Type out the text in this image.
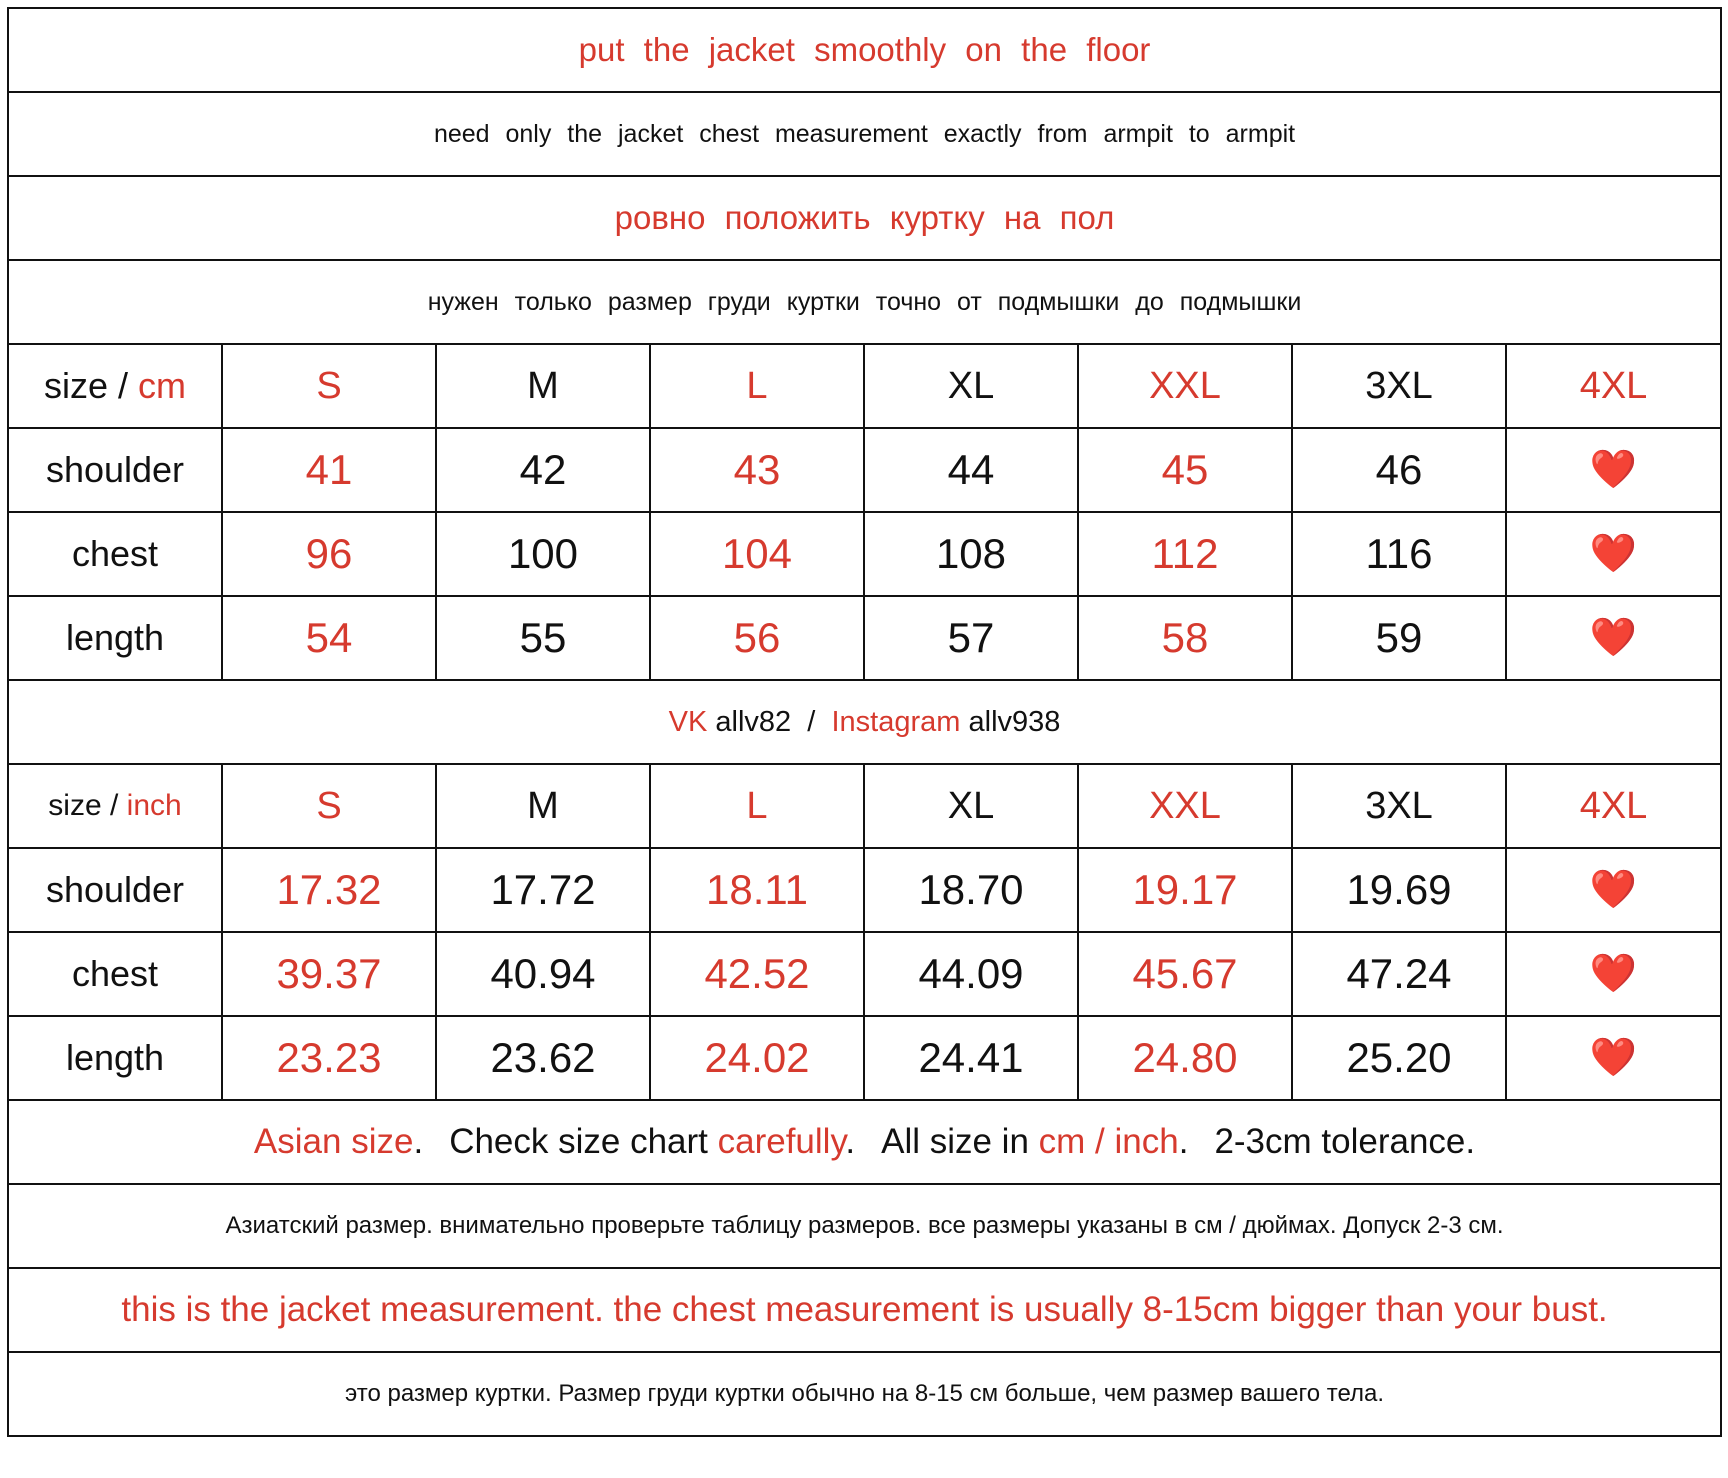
put the jacket smoothly on the floor							
need only the jacket chest measurement exactly from armpit to armpit							
ровно положить куртку на пол							
нужен только размер груди куртки точно от подмышки до подмышки							
size / cm	S	M	L	XL	XXL	3XL	4XL
shoulder	41	42	43	44	45	46	❤️
chest	96	100	104	108	112	116	❤️
length	54	55	56	57	58	59	❤️
VK allv82 / Instagram allv938							
size / inch	S	M	L	XL	XXL	3XL	4XL
shoulder	17.32	17.72	18.11	18.70	19.17	19.69	❤️
chest	39.37	40.94	42.52	44.09	45.67	47.24	❤️
length	23.23	23.62	24.02	24.41	24.80	25.20	❤️
Asian size. Check size chart carefully. All size in cm / inch. 2-3cm tolerance.							
Азиатский размер. внимательно проверьте таблицу размеров. все размеры указаны в см / дюймах. Допуск 2-3 см.							
this is the jacket measurement. the chest measurement is usually 8-15cm bigger than your bust.							
это размер куртки. Размер груди куртки обычно на 8-15 см больше, чем размер вашего тела.							
